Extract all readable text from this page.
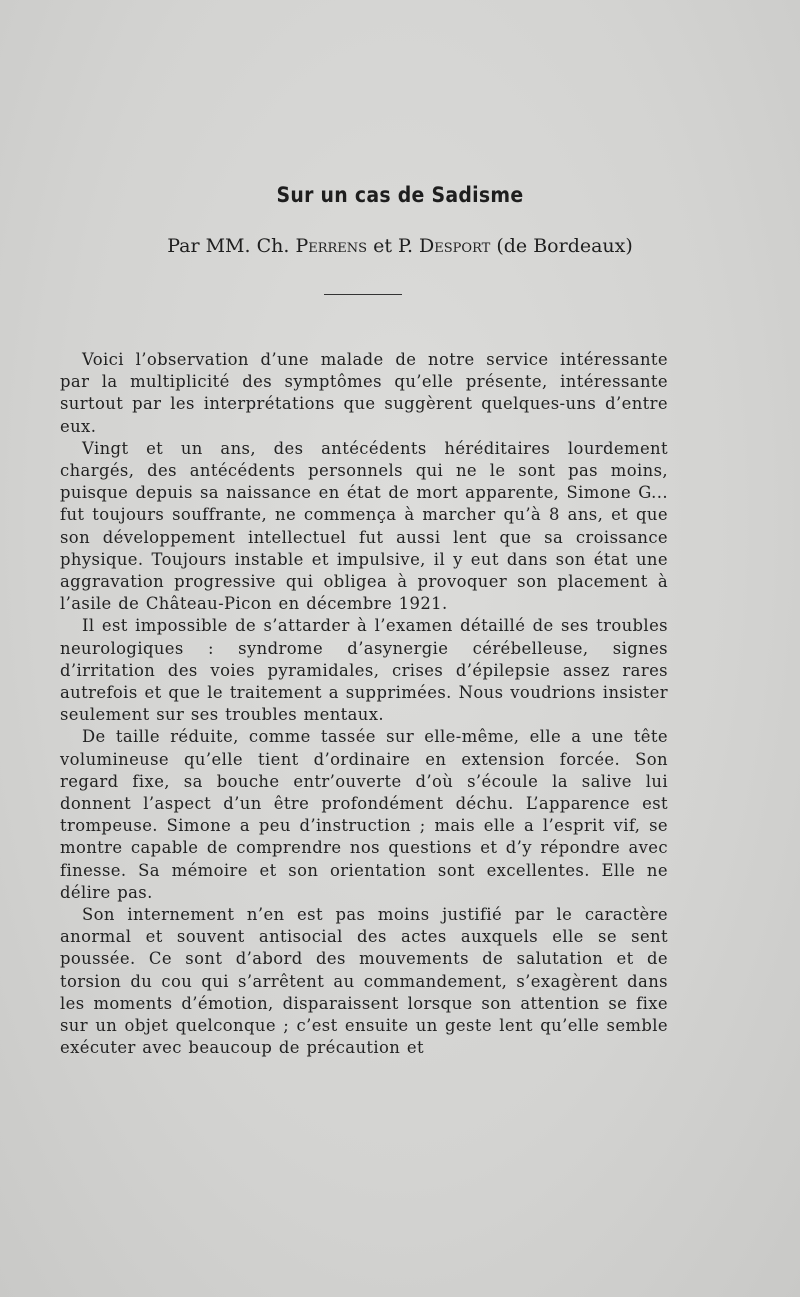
Sur un cas de Sadisme
Par MM. Ch. Perrens et P. Desport (de Bordeaux)

Voici l’observation d’une malade de notre service intéressante par la multiplicité des symptômes qu’elle présente, intéressante surtout par les interprétations que suggèrent quelques-uns d’entre eux.

Vingt et un ans, des antécédents héréditaires lourdement chargés, des antécédents personnels qui ne le sont pas moins, puisque depuis sa naissance en état de mort apparente, Simone G... fut toujours souffrante, ne commença à marcher qu’à 8 ans, et que son développement intellectuel fut aussi lent que sa croissance physique. Toujours instable et impulsive, il y eut dans son état une aggravation progressive qui obligea à provoquer son placement à l’asile de Château-Picon en décembre 1921.

Il est impossible de s’attarder à l’examen détaillé de ses troubles neurologiques : syndrome d’asynergie cérébelleuse, signes d’irritation des voies pyramidales, crises d’épilepsie assez rares autrefois et que le traitement a supprimées. Nous voudrions insister seulement sur ses troubles mentaux.

De taille réduite, comme tassée sur elle-même, elle a une tête volumineuse qu’elle tient d’ordinaire en extension forcée. Son regard fixe, sa bouche entr’ouverte d’où s’écoule la salive lui donnent l’aspect d’un être profondément déchu. L’apparence est trompeuse. Simone a peu d’instruction ; mais elle a l’esprit vif, se montre capable de comprendre nos questions et d’y répondre avec finesse. Sa mémoire et son orientation sont excellentes. Elle ne délire pas.

Son internement n’en est pas moins justifié par le caractère anormal et souvent antisocial des actes auxquels elle se sent poussée. Ce sont d’abord des mouvements de salutation et de torsion du cou qui s’arrêtent au commandement, s’exagèrent dans les moments d’émotion, disparaissent lorsque son attention se fixe sur un objet quelconque ; c’est ensuite un geste lent qu’elle semble exécuter avec beaucoup de précaution et
